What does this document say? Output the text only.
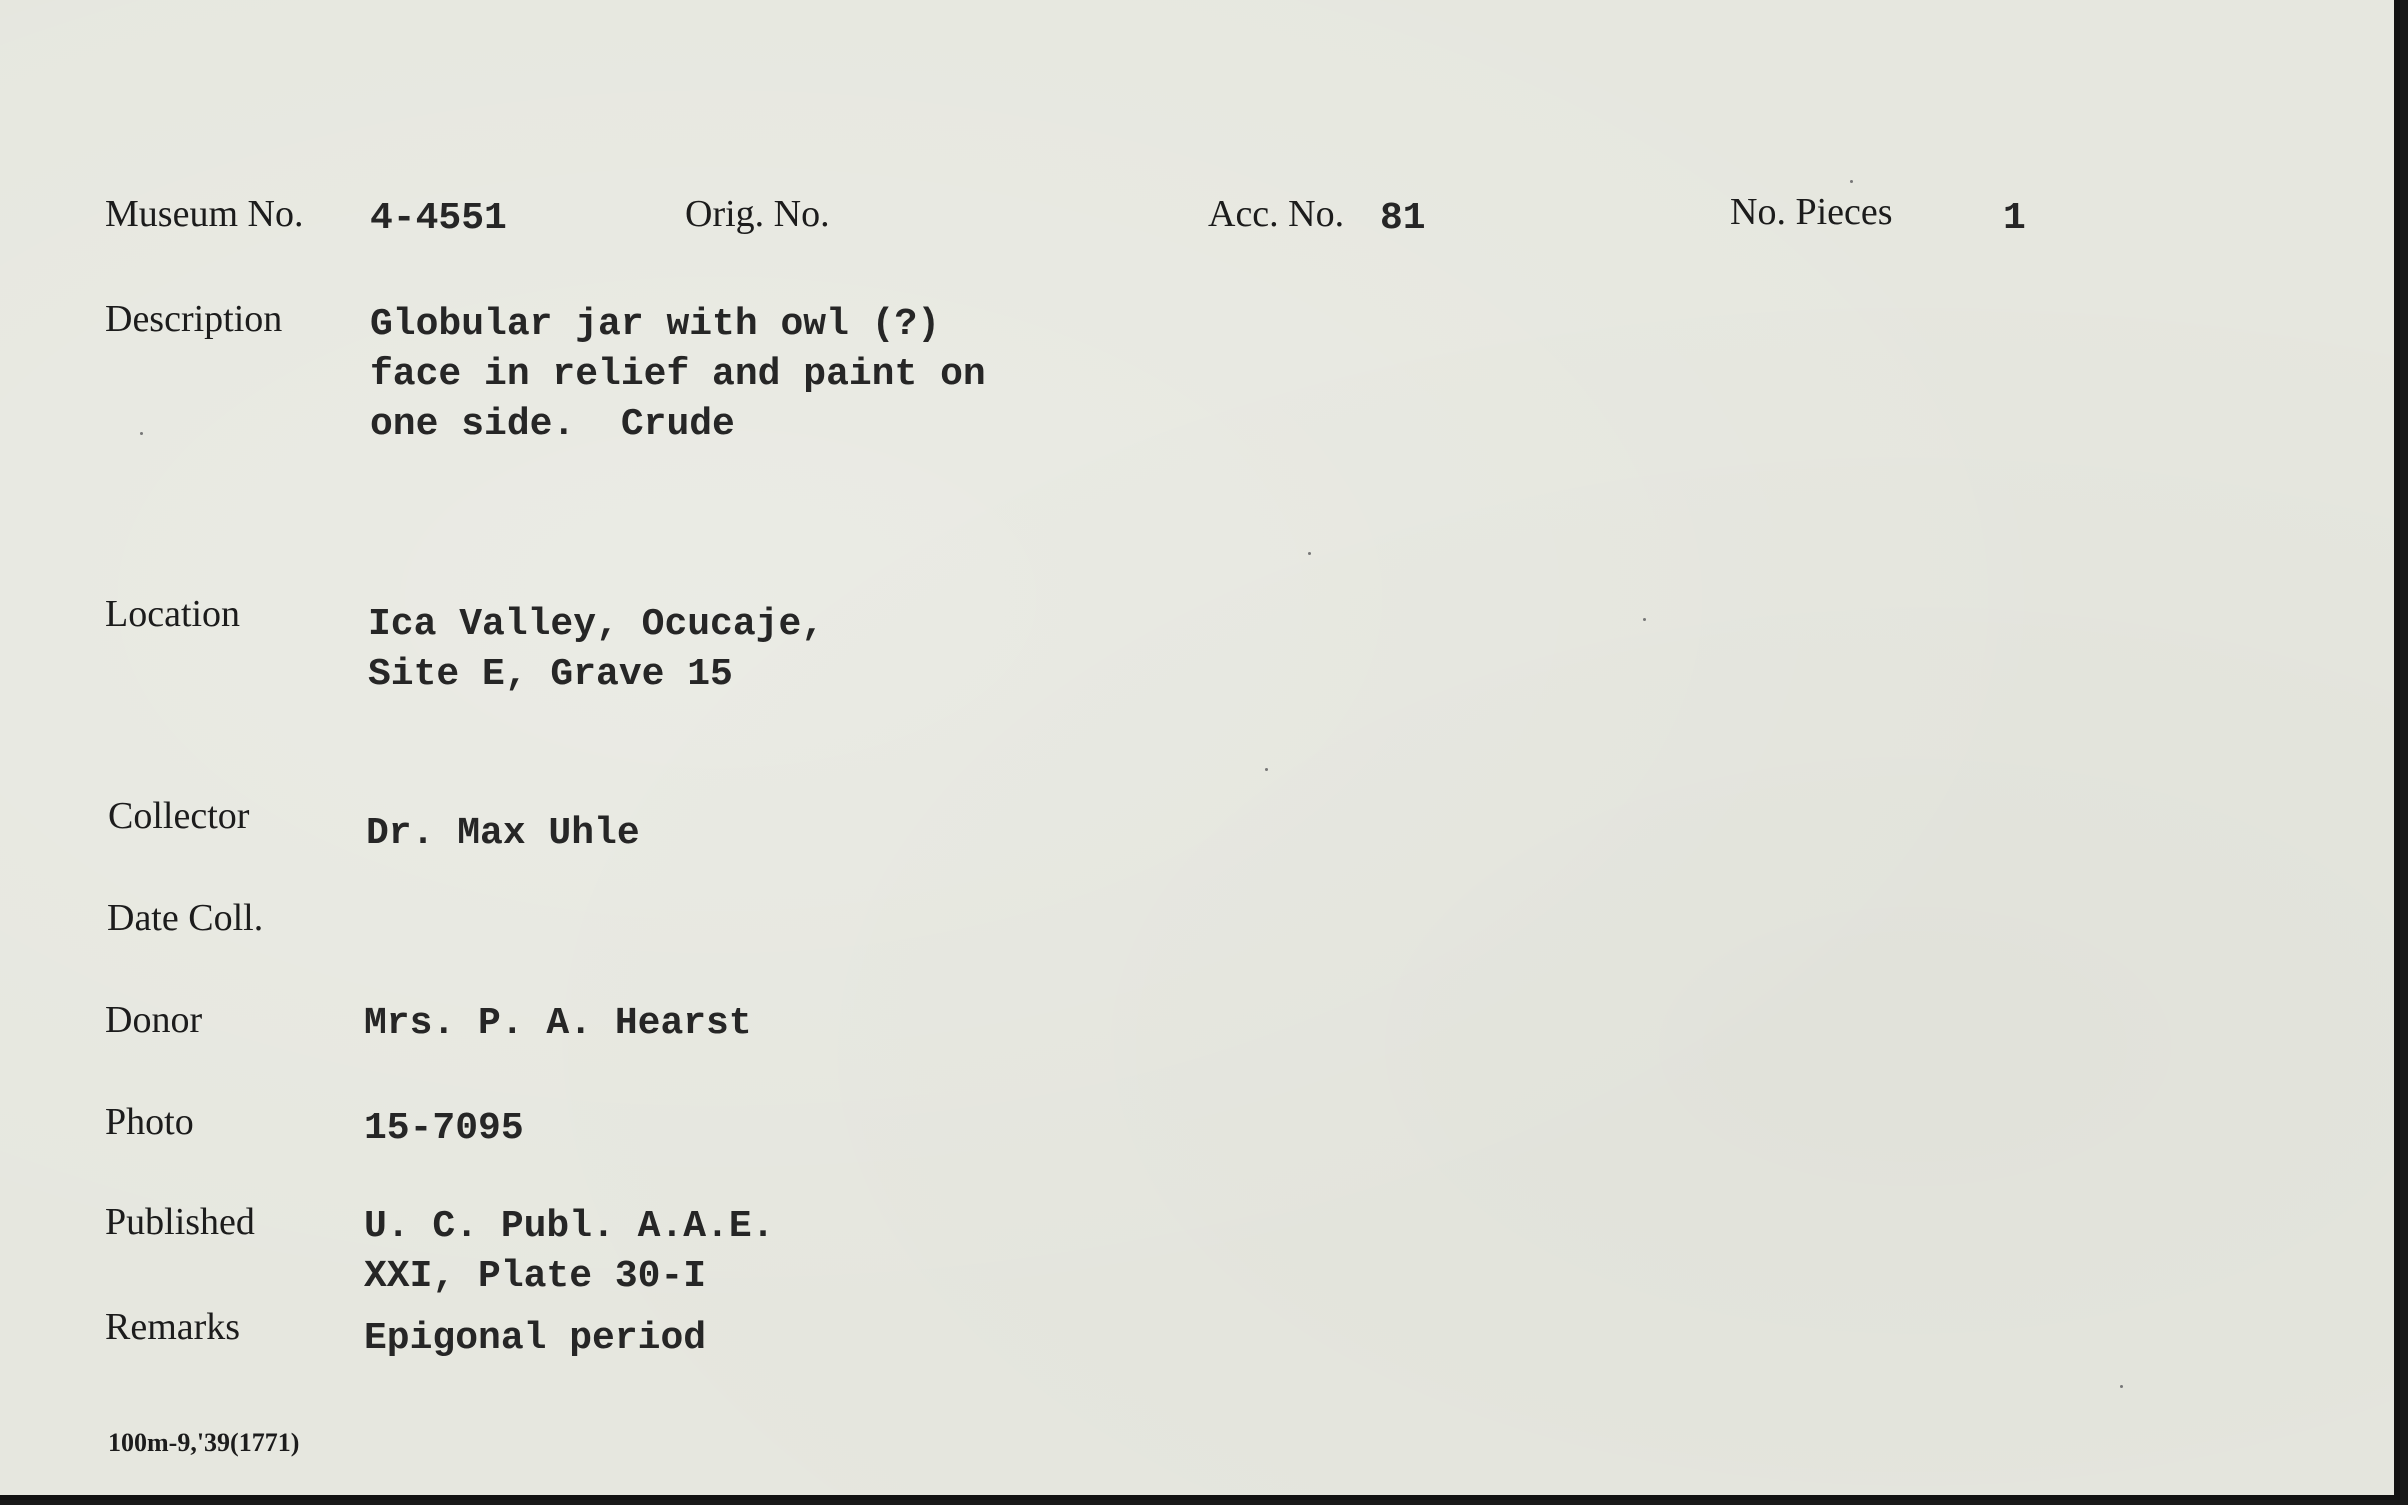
Museum No. 4-4551	Orig. No.	Acc. No. 81	No. Pieces	1
Description Globular jar with owl (?)
face in relief and paint on
one side.  Crude
Location	Ica Valley, Ocucaje,
Site E, Grave 15
Collector	Dr. Max Uhle
Date Coll.
Donor	Mrs. P. A. Hearst
Photo	15-7095
Published	U. C. Publ. A.A.E.
XXI, Plate 30-I
Remarks	Epigonal period
100m-9,'39(1771)
